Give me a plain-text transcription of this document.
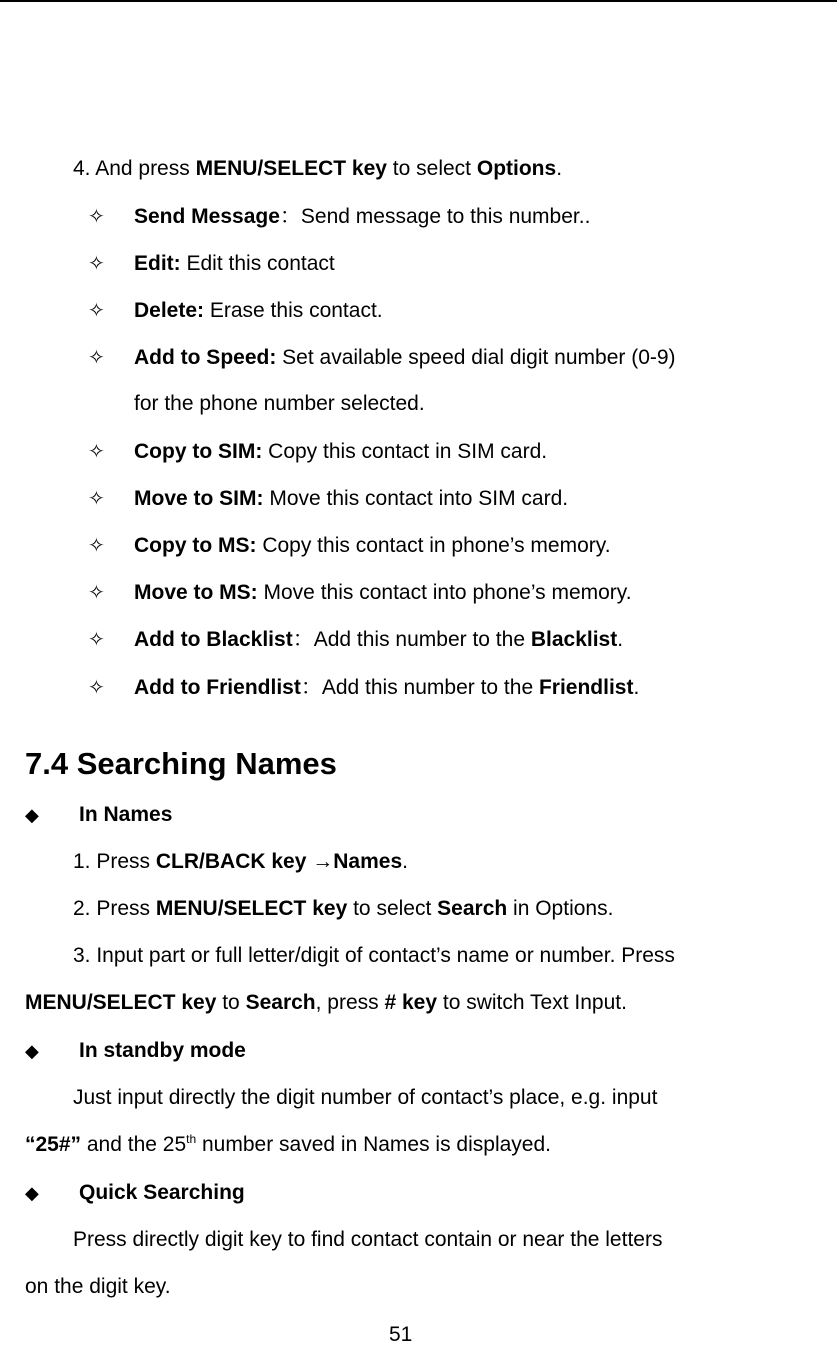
4. And press MENU/SELECT key to select Options.
✧ Send Message：Send message to this number..
✧ Edit: Edit this contact
✧ Delete: Erase this contact.
✧ Add to Speed: Set available speed dial digit number (0-9)
for the phone number selected.
✧ Copy to SIM: Copy this contact in SIM card.
✧ Move to SIM: Move this contact into SIM card.
✧ Copy to MS: Copy this contact in phone’s memory.
✧ Move to MS: Move this contact into phone’s memory.
✧ Add to Blacklist：Add this number to the Blacklist.
✧ Add to Friendlist：Add this number to the Friendlist.
7.4 Searching Names
◆ In Names
1. Press CLR/BACK key →Names.
2. Press MENU/SELECT key to select Search in Options.
3. Input part or full letter/digit of contact’s name or number. Press
MENU/SELECT key to Search, press # key to switch Text Input.
◆ In standby mode
Just input directly the digit number of contact’s place, e.g. input
“25#” and the 25th number saved in Names is displayed.
◆ Quick Searching
Press directly digit key to find contact contain or near the letters
on the digit key.
51
